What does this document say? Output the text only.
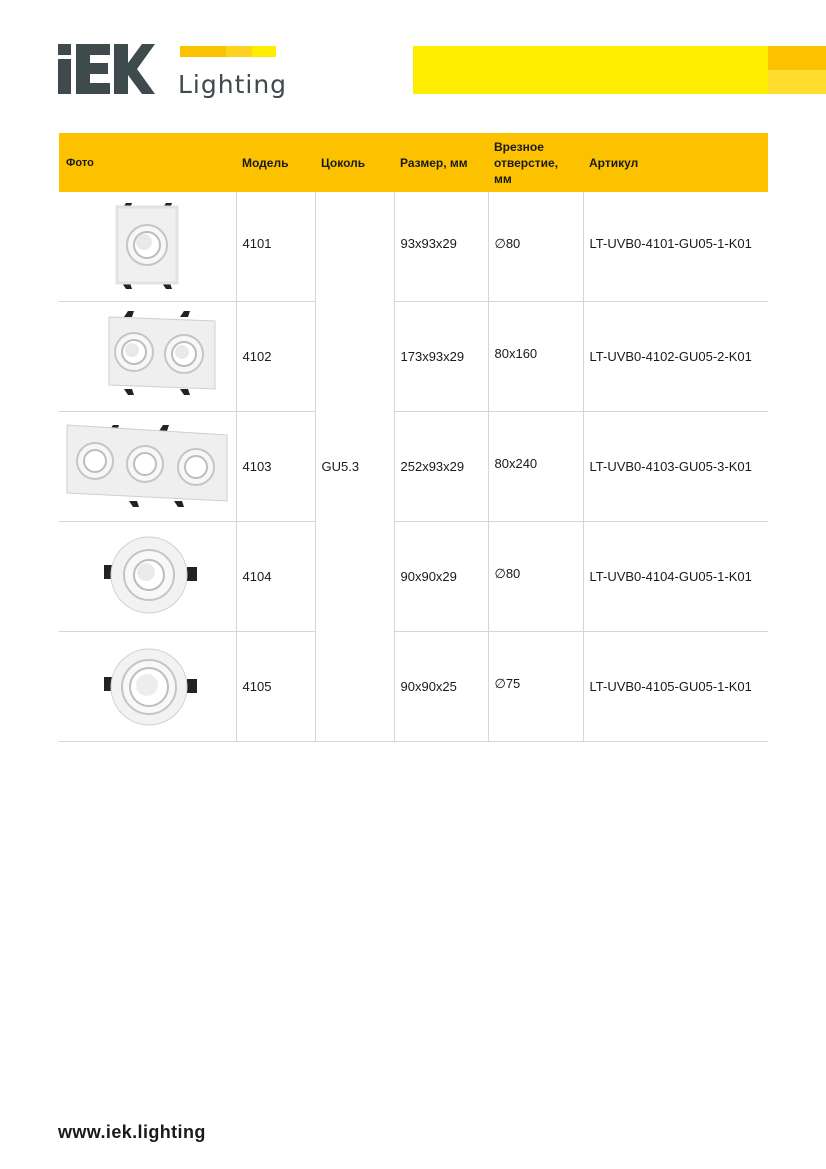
Lighting
Фото	Модель	Цоколь	Размер, мм	Врезное отверстие, мм	Артикул
	4101	GU5.3	93x93x29	∅80	LT-UVB0-4101-GU05-1-K01
	4102		173x93x29	80x160	LT-UVB0-4102-GU05-2-K01
	4103		252x93x29	80x240	LT-UVB0-4103-GU05-3-K01
	4104		90x90x29	∅80	LT-UVB0-4104-GU05-1-K01
	4105		90x90x25	∅75	LT-UVB0-4105-GU05-1-K01
www.iek.lighting
